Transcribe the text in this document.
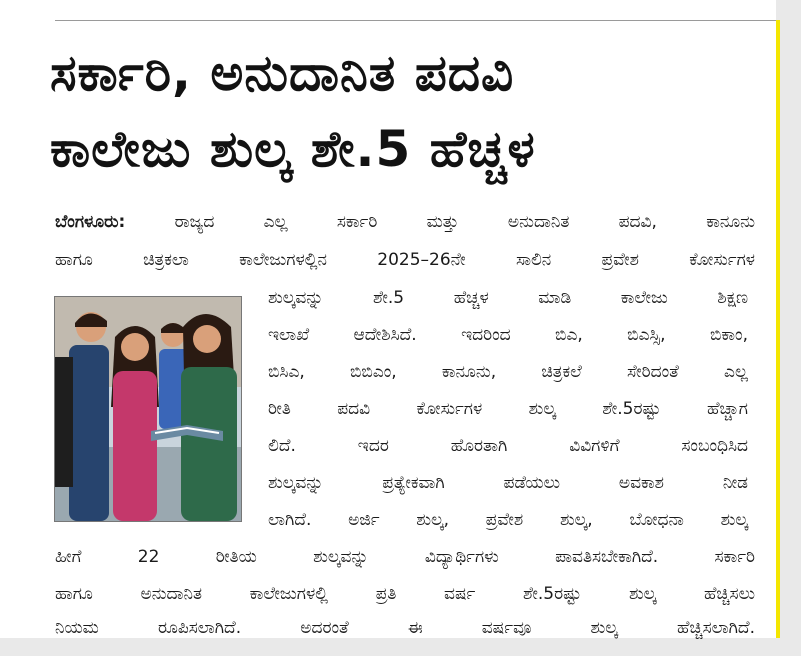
ಸರ್ಕಾರಿ, ಅನುದಾನಿತ ಪದವಿ
ಕಾಲೇಜು ಶುಲ್ಕ ಶೇ.5 ಹೆಚ್ಚಳ
ಬೆಂಗಳೂರು: ರಾಜ್ಯದ ಎಲ್ಲ ಸರ್ಕಾರಿ ಮತ್ತು ಅನುದಾನಿತ ಪದವಿ, ಕಾನೂನು
ಹಾಗೂ ಚಿತ್ರಕಲಾ ಕಾಲೇಜುಗಳಲ್ಲಿನ 2025–26ನೇ ಸಾಲಿನ ಪ್ರವೇಶ ಕೋರ್ಸುಗಳ
ಶುಲ್ಕವನ್ನು ಶೇ.5 ಹೆಚ್ಚಳ ಮಾಡಿ ಕಾಲೇಜು ಶಿಕ್ಷಣ
ಇಲಾಖೆ ಆದೇಶಿಸಿದೆ. ಇದರಿಂದ ಬಿಎ, ಬಿಎಸ್ಸಿ, ಬಿಕಾಂ,
ಬಿಸಿಎ, ಬಿಬಿಎಂ, ಕಾನೂನು, ಚಿತ್ರಕಲೆ ಸೇರಿದಂತೆ ಎಲ್ಲ
ರೀತಿ ಪದವಿ ಕೋರ್ಸುಗಳ ಶುಲ್ಕ ಶೇ.5ರಷ್ಟು ಹೆಚ್ಚಾಗ
ಲಿದೆ. ಇದರ ಹೊರತಾಗಿ ವಿವಿಗಳಿಗೆ ಸಂಬಂಧಿಸಿದ
ಶುಲ್ಕವನ್ನು ಪ್ರತ್ಯೇಕವಾಗಿ ಪಡೆಯಲು ಅವಕಾಶ ನೀಡ
ಲಾಗಿದೆ. ಅರ್ಜಿ ಶುಲ್ಕ, ಪ್ರವೇಶ ಶುಲ್ಕ, ಬೋಧನಾ ಶುಲ್ಕ
ಹೀಗೆ 22 ರೀತಿಯ ಶುಲ್ಕವನ್ನು ವಿದ್ಯಾರ್ಥಿಗಳು ಪಾವತಿಸಬೇಕಾಗಿದೆ. ಸರ್ಕಾರಿ
ಹಾಗೂ ಅನುದಾನಿತ ಕಾಲೇಜುಗಳಲ್ಲಿ ಪ್ರತಿ ವರ್ಷ ಶೇ.5ರಷ್ಟು ಶುಲ್ಕ ಹೆಚ್ಚಿಸಲು
ನಿಯಮ ರೂಪಿಸಲಾಗಿದೆ. ಅದರಂತೆ ಈ ವರ್ಷವೂ ಶುಲ್ಕ ಹೆಚ್ಚಿಸಲಾಗಿದೆ.
